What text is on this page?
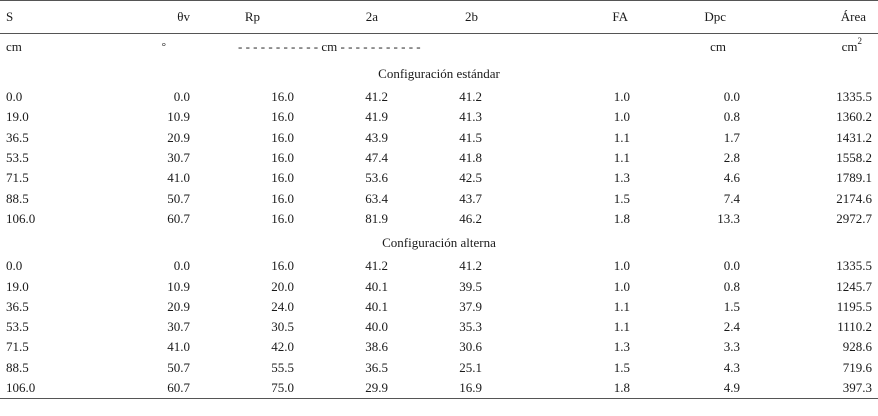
S	θv	Rp	2a	2b	FA	Dpc	Área
cm	°	- - - - - - - - - - - cm - - - - - - - - - - -				cm	$cm^2$
Configuración estándar							
0.0	0.0	16.0	41.2	41.2	1.0	0.0	1335.5
19.0	10.9	16.0	41.9	41.3	1.0	0.8	1360.2
36.5	20.9	16.0	43.9	41.5	1.1	1.7	1431.2
53.5	30.7	16.0	47.4	41.8	1.1	2.8	1558.2
71.5	41.0	16.0	53.6	42.5	1.3	4.6	1789.1
88.5	50.7	16.0	63.4	43.7	1.5	7.4	2174.6
106.0	60.7	16.0	81.9	46.2	1.8	13.3	2972.7
Configuración alterna							
0.0	0.0	16.0	41.2	41.2	1.0	0.0	1335.5
19.0	10.9	20.0	40.1	39.5	1.0	0.8	1245.7
36.5	20.9	24.0	40.1	37.9	1.1	1.5	1195.5
53.5	30.7	30.5	40.0	35.3	1.1	2.4	1110.2
71.5	41.0	42.0	38.6	30.6	1.3	3.3	928.6
88.5	50.7	55.5	36.5	25.1	1.5	4.3	719.6
106.0	60.7	75.0	29.9	16.9	1.8	4.9	397.3
